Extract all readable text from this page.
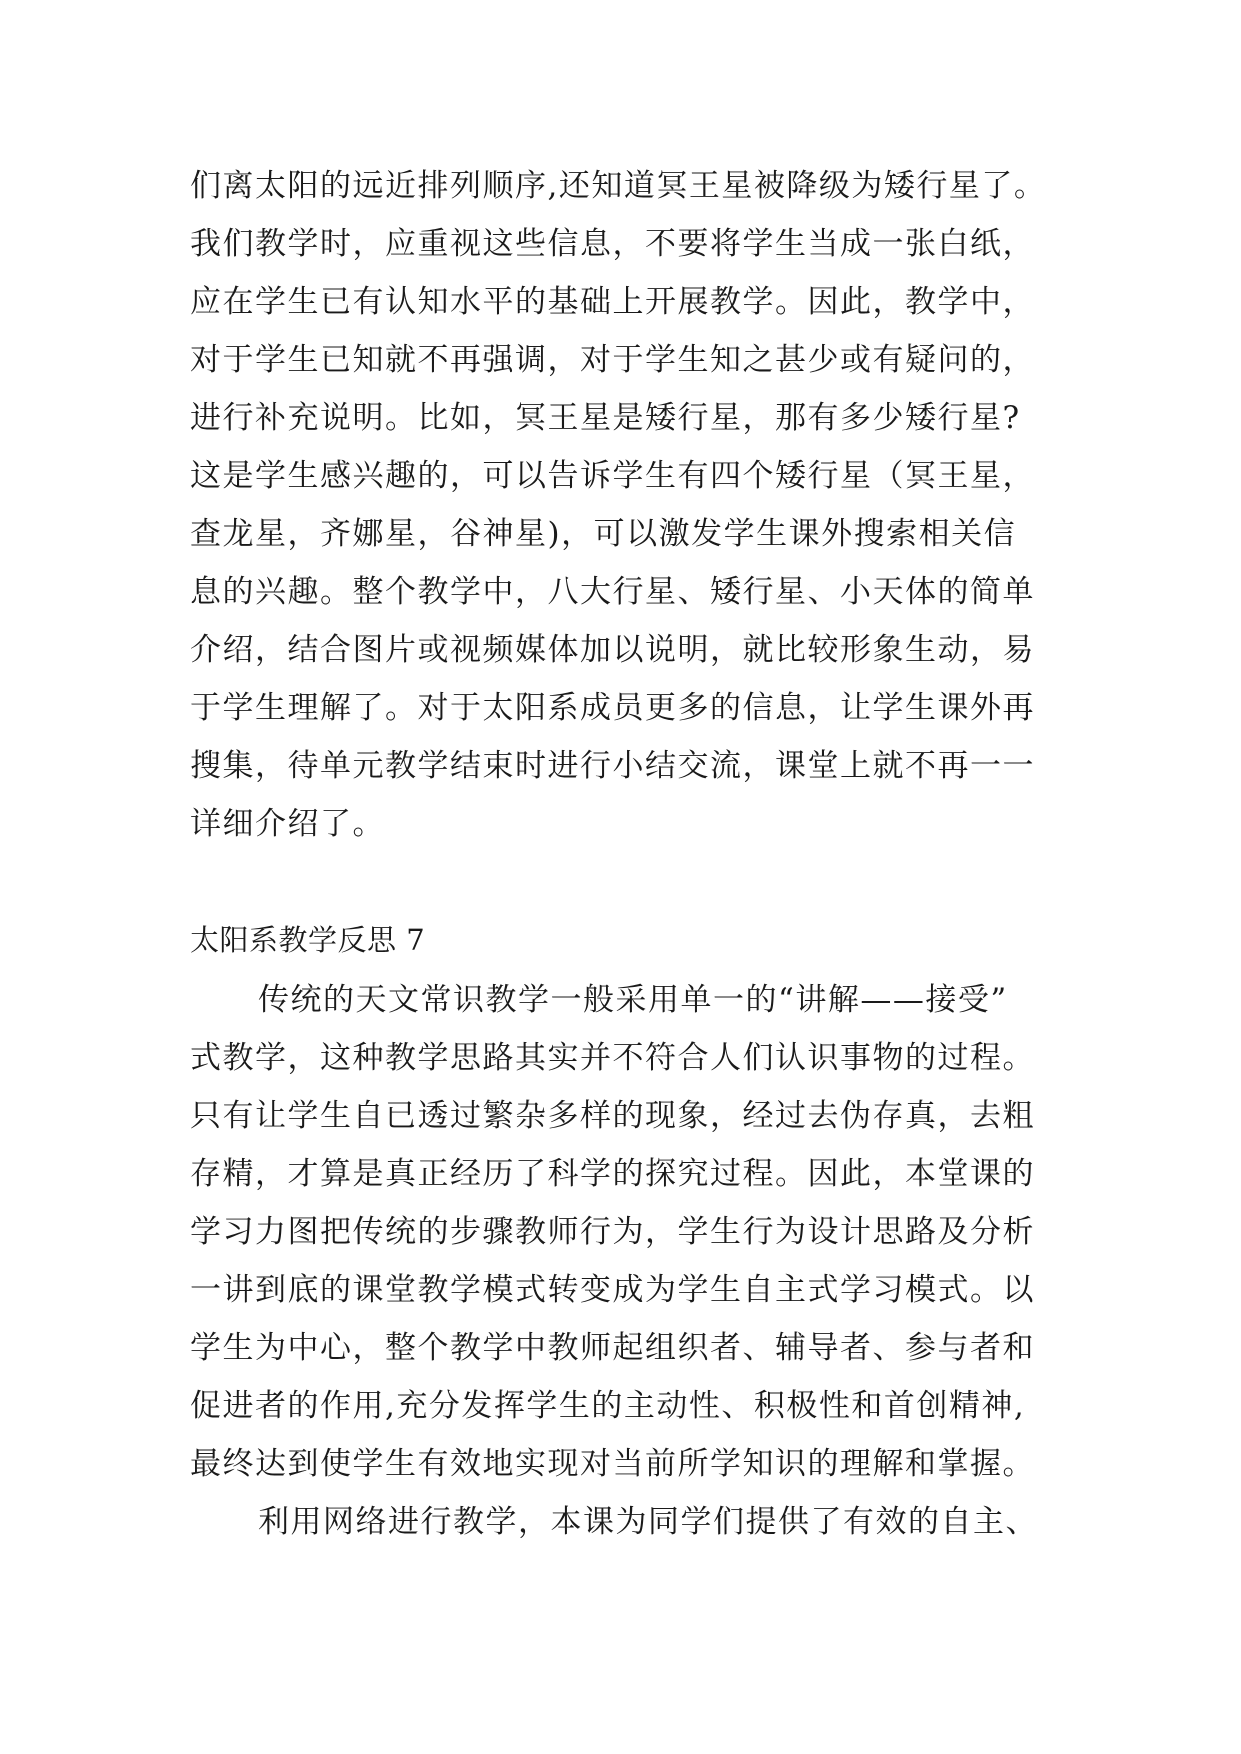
们离太阳的远近排列顺序,还知道冥王星被降级为矮行星了。
我们教学时，应重视这些信息，不要将学生当成一张白纸，
应在学生已有认知水平的基础上开展教学。因此，教学中，
对于学生已知就不再强调，对于学生知之甚少或有疑问的，
进行补充说明。比如，冥王星是矮行星，那有多少矮行星?
这是学生感兴趣的，可以告诉学生有四个矮行星（冥王星，
查龙星，齐娜星，谷神星)，可以激发学生课外搜索相关信
息的兴趣。整个教学中，八大行星、矮行星、小天体的简单
介绍，结合图片或视频媒体加以说明，就比较形象生动，易
于学生理解了。对于太阳系成员更多的信息，让学生课外再
搜集，待单元教学结束时进行小结交流，课堂上就不再一一
详细介绍了。
太阳系教学反思 7
传统的天文常识教学一般采用单一的“讲解——接受”
式教学，这种教学思路其实并不符合人们认识事物的过程。
只有让学生自已透过繁杂多样的现象，经过去伪存真，去粗
存精，才算是真正经历了科学的探究过程。因此，本堂课的
学习力图把传统的步骤教师行为，学生行为设计思路及分析
一讲到底的课堂教学模式转变成为学生自主式学习模式。以
学生为中心，整个教学中教师起组织者、辅导者、参与者和
促进者的作用,充分发挥学生的主动性、积极性和首创精神,
最终达到使学生有效地实现对当前所学知识的理解和掌握。
利用网络进行教学，本课为同学们提供了有效的自主、
